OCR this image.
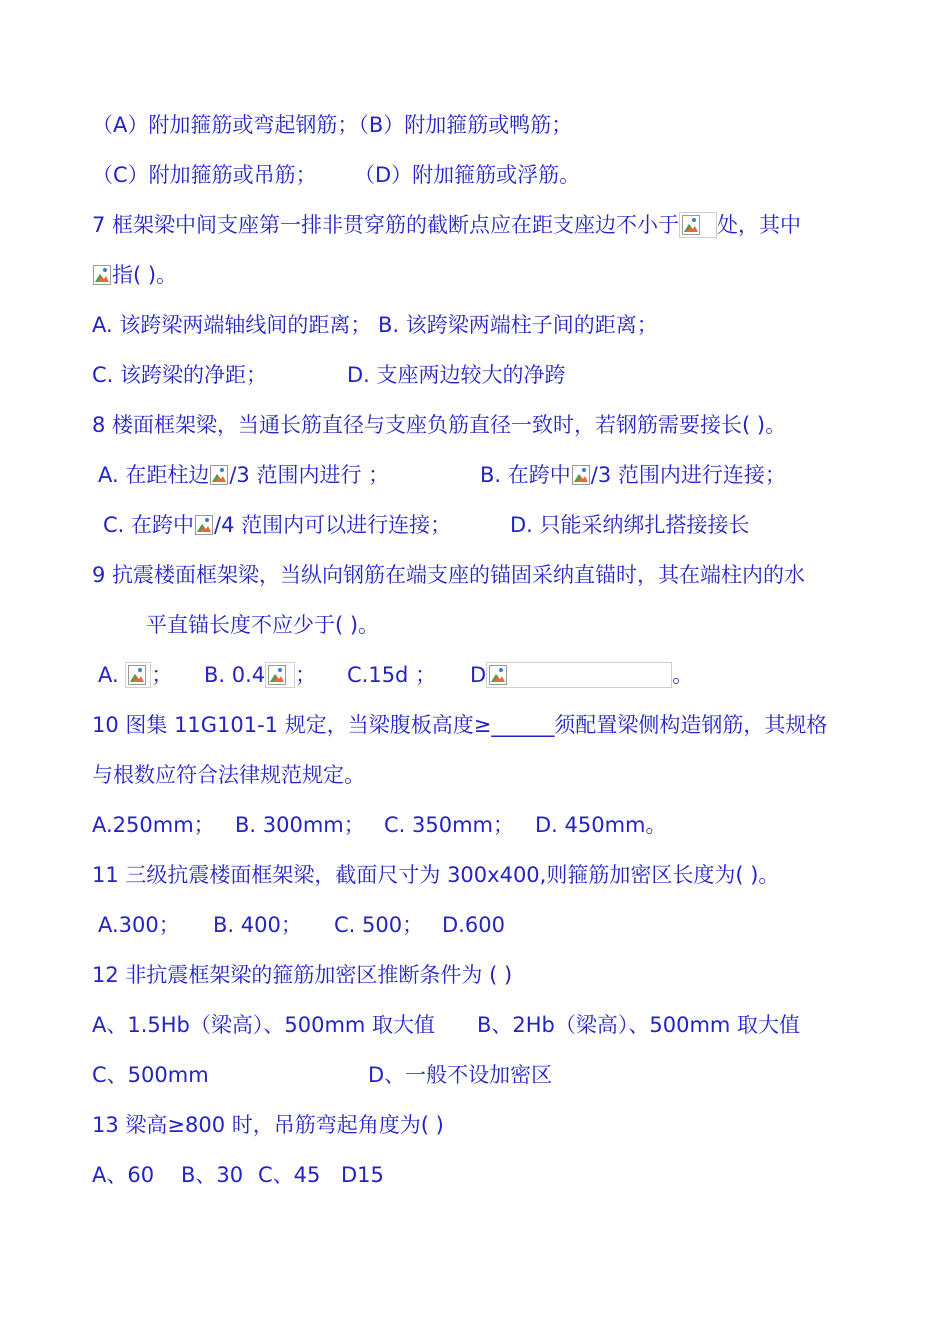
（A）附加箍筋或弯起钢筋；（B）附加箍筋或鸭筋；
（C）附加箍筋或吊筋； （D）附加箍筋或浮筋。
7 框架梁中间支座第一排非贯穿筋的截断点应在距支座边不小于 处，其中
指( )。
A. 该跨梁两端轴线间的距离； B. 该跨梁两端柱子间的距离；
C. 该跨梁的净距；	D. 支座两边较大的净跨
8 楼面框架梁，当通长筋直径与支座负筋直径一致时，若钢筋需要接长( )。
A. 在距柱边 /3 范围内进行 ；	B. 在跨中 /3 范围内进行连接；
C. 在跨中 /4 范围内可以进行连接；	D. 只能采纳绑扎搭接接长
9 抗震楼面框架梁，当纵向钢筋在端支座的锚固采纳直锚时，其在端柱内的水
平直锚长度不应少于( )。
A. ； B. 0.4 ； C.15d ； D	。
10 图集 11G101-1 规定，当梁腹板高度≥______须配置梁侧构造钢筋，其规格
与根数应符合法律规范规定。
A.250mm； B. 300mm； C. 350mm； D. 450mm。
11 三级抗震楼面框架梁，截面尺寸为 300x400,则箍筋加密区长度为( )。
A.300； B. 400； C. 500； D.600
12 非抗震框架梁的箍筋加密区推断条件为 ( )
A、1.5Hb（梁高）、500mm 取大值 B、2Hb（梁高）、500mm 取大值
C、500mm	D、一般不设加密区
13 梁高≥800 时，吊筋弯起角度为( )
A、60 B、30 C、45 D15
